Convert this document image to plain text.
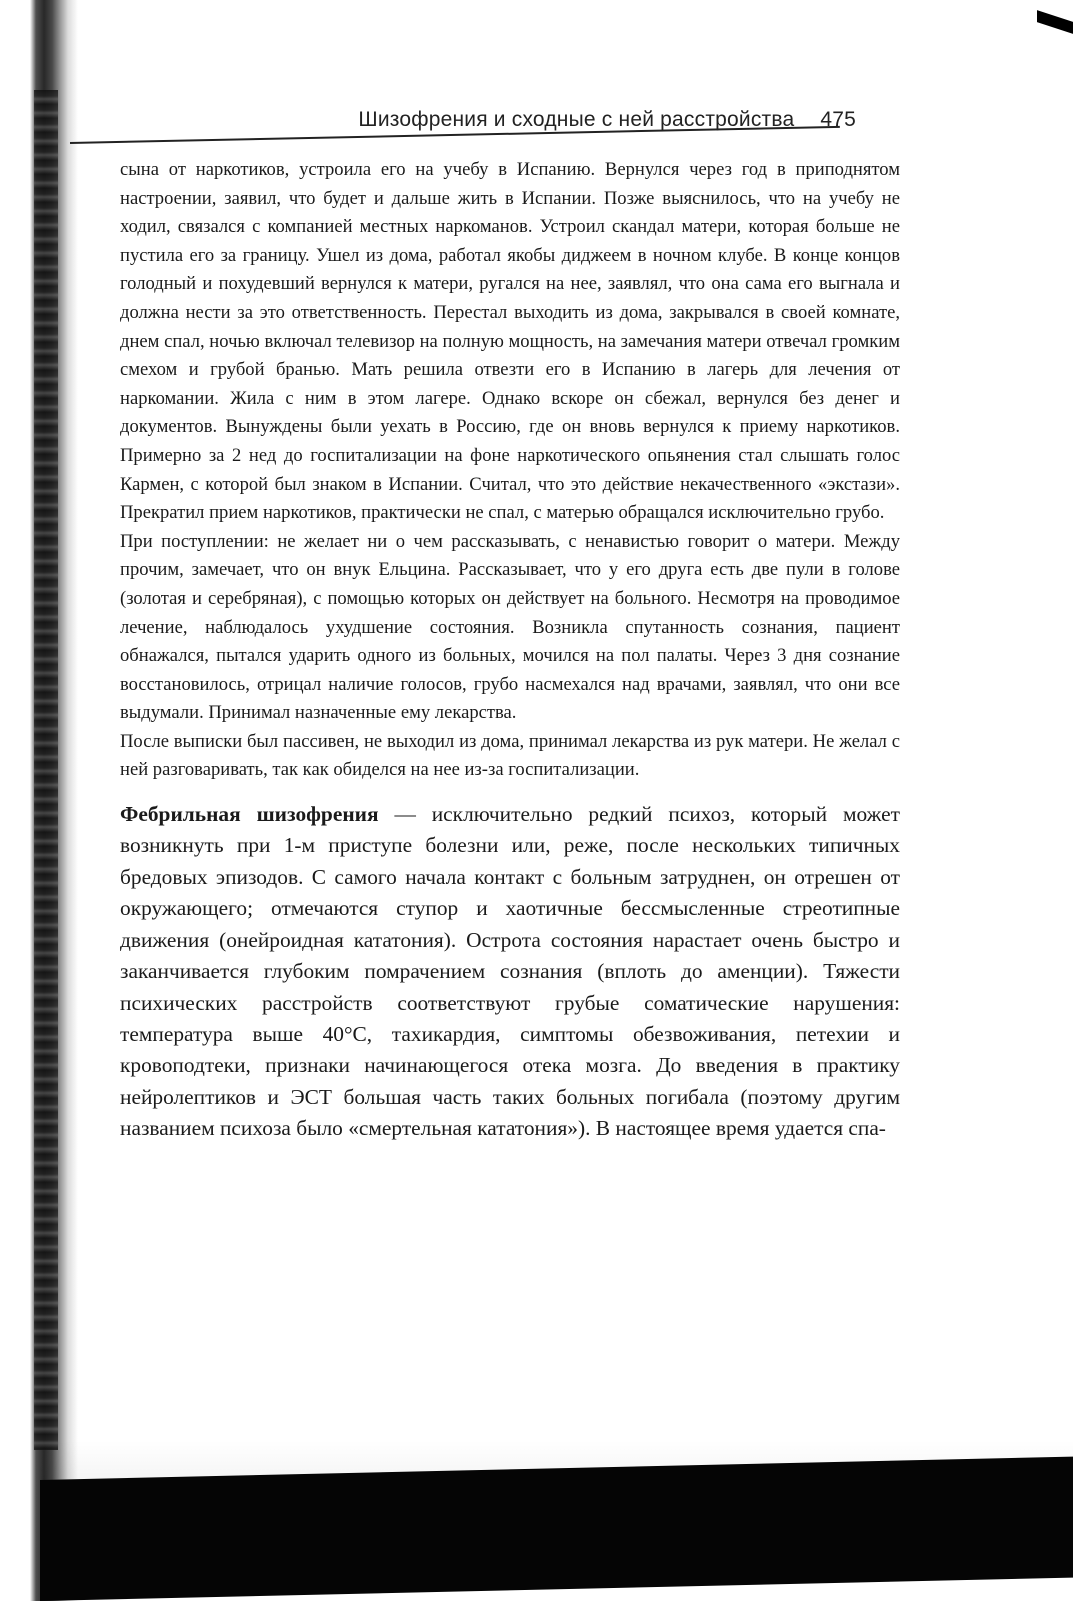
Шизофрения и сходные с ней расстройства 475

сына от наркотиков, устроила его на учебу в Испанию. Вернулся через год в приподнятом настроении, заявил, что будет и дальше жить в Испании. Позже выяснилось, что на учебу не ходил, связался с компанией местных наркоманов. Устроил скандал матери, которая больше не пустила его за границу. Ушел из дома, работал якобы диджеем в ночном клубе. В конце концов голодный и похудевший вернулся к матери, ругался на нее, заявлял, что она сама его выгнала и должна нести за это ответственность. Перестал выходить из дома, закрывался в своей комнате, днем спал, ночью включал телевизор на полную мощность, на замечания матери отвечал громким смехом и грубой бранью. Мать решила отвезти его в Испанию в лагерь для лечения от наркомании. Жила с ним в этом лагере. Однако вскоре он сбежал, вернулся без денег и документов. Вынуждены были уехать в Россию, где он вновь вернулся к приему наркотиков. Примерно за 2 нед до госпитализации на фоне наркотического опьянения стал слышать голос Кармен, с которой был знаком в Испании. Считал, что это действие некачественного «экстази». Прекратил прием наркотиков, практически не спал, с матерью обращался исключительно грубо.

При поступлении: не желает ни о чем рассказывать, с ненавистью говорит о матери. Между прочим, замечает, что он внук Ельцина. Рассказывает, что у его друга есть две пули в голове (золотая и серебряная), с помощью которых он действует на больного. Несмотря на проводимое лечение, наблюдалось ухудшение состояния. Возникла спутанность сознания, пациент обнажался, пытался ударить одного из больных, мочился на пол палаты. Через 3 дня сознание восстановилось, отрицал наличие голосов, грубо насмехался над врачами, заявлял, что они все выдумали. Принимал назначенные ему лекарства.

После выписки был пассивен, не выходил из дома, принимал лекарства из рук матери. Не желал с ней разговаривать, так как обиделся на нее из-за госпитализации.

Фебрильная шизофрения — исключительно редкий психоз, который может возникнуть при 1-м приступе болезни или, реже, после нескольких типичных бредовых эпизодов. С самого начала контакт с больным затруднен, он отрешен от окружающего; отмечаются ступор и хаотичные бессмысленные стреотипные движения (онейроидная кататония). Острота состояния нарастает очень быстро и заканчивается глубоким помрачением сознания (вплоть до аменции). Тяжести психических расстройств соответствуют грубые соматические нарушения: температура выше 40°С, тахикардия, симптомы обезвоживания, петехии и кровоподтеки, признаки начинающегося отека мозга. До введения в практику нейролептиков и ЭСТ большая часть таких больных погибала (поэтому другим названием психоза было «смертельная кататония»). В настоящее время удается спа-
